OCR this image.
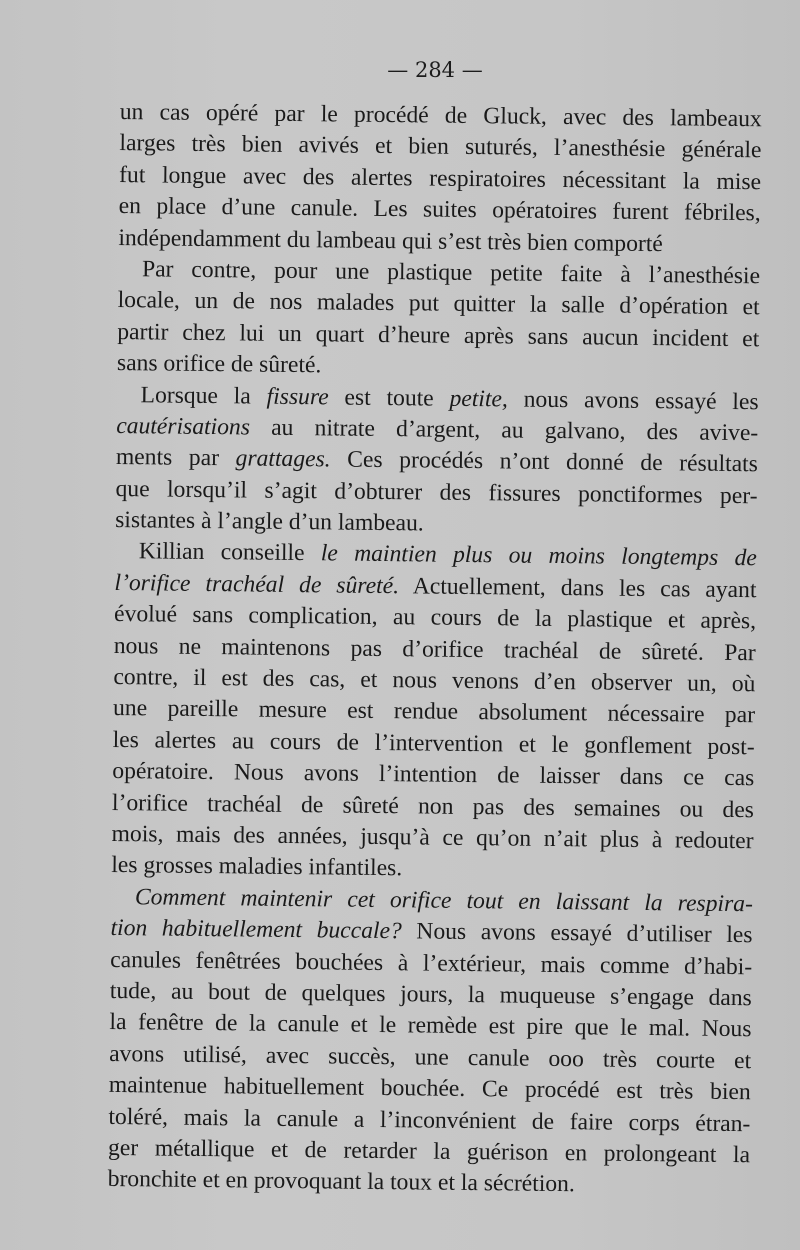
— 284 —
un cas opéré par le procédé de Gluck, avec des lambeaux
larges très bien avivés et bien suturés, l’anesthésie générale
fut longue avec des alertes respiratoires nécessitant la mise
en place d’une canule. Les suites opératoires furent fébriles,
indépendamment du lambeau qui s’est très bien comporté
Par contre, pour une plastique petite faite à l’anesthésie
locale, un de nos malades put quitter la salle d’opération et
partir chez lui un quart d’heure après sans aucun incident et
sans orifice de sûreté.
Lorsque la fissure est toute petite, nous avons essayé les
cautérisations au nitrate d’argent, au galvano, des avive-
ments par grattages. Ces procédés n’ont donné de résultats
que lorsqu’il s’agit d’obturer des fissures ponctiformes per-
sistantes à l’angle d’un lambeau.
Killian conseille le maintien plus ou moins longtemps de
l’orifice trachéal de sûreté. Actuellement, dans les cas ayant
évolué sans complication, au cours de la plastique et après,
nous ne maintenons pas d’orifice trachéal de sûreté. Par
contre, il est des cas, et nous venons d’en observer un, où
une pareille mesure est rendue absolument nécessaire par
les alertes au cours de l’intervention et le gonflement post-
opératoire. Nous avons l’intention de laisser dans ce cas
l’orifice trachéal de sûreté non pas des semaines ou des
mois, mais des années, jusqu’à ce qu’on n’ait plus à redouter
les grosses maladies infantiles.
Comment maintenir cet orifice tout en laissant la respira-
tion habituellement buccale? Nous avons essayé d’utiliser les
canules fenêtrées bouchées à l’extérieur, mais comme d’habi-
tude, au bout de quelques jours, la muqueuse s’engage dans
la fenêtre de la canule et le remède est pire que le mal. Nous
avons utilisé, avec succès, une canule ooo très courte et
maintenue habituellement bouchée. Ce procédé est très bien
toléré, mais la canule a l’inconvénient de faire corps étran-
ger métallique et de retarder la guérison en prolongeant la
bronchite et en provoquant la toux et la sécrétion.
